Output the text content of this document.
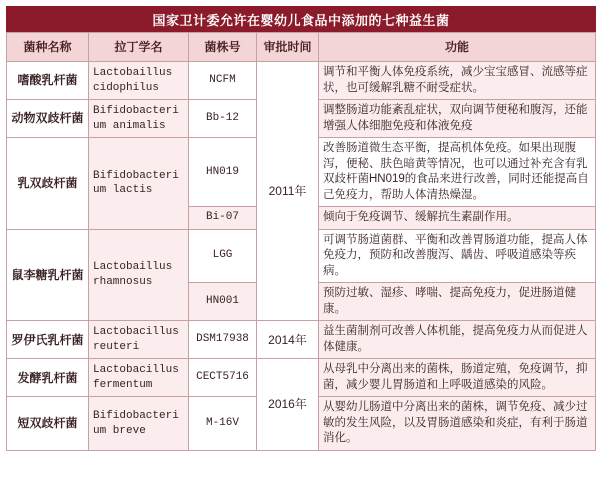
国家卫计委允许在婴幼儿食品中添加的七种益生菌
菌种名称	拉丁学名	菌株号	审批时间	功能
嗜酸乳杆菌	Lactobaillus cidophilus	NCFM	2011年	调节和平衡人体免疫系统，减少宝宝感冒、流感等症状，也可缓解乳糖不耐受症状。
动物双歧杆菌	Bifidobacterium animalis	Bb-12		调整肠道功能紊乱症状，双向调节便秘和腹泻，还能增强人体细胞免疫和体液免疫
乳双歧杆菌	Bifidobacterium lactis	HN019		改善肠道微生态平衡，提高机体免疫。如果出现腹泻，便秘、肤色暗黄等情况，也可以通过补充含有乳双歧杆菌HN019的食品来进行改善，同时还能提高自己免疫力，帮助人体清热燥湿。
		Bi-07		倾向于免疫调节、缓解抗生素副作用。
鼠李糖乳杆菌	Lactobaillus rhamnosus	LGG		可调节肠道菌群、平衡和改善胃肠道功能，提高人体免疫力，预防和改善腹泻、龋齿、呼吸道感染等疾病。
		HN001		预防过敏、湿疹、哮喘、提高免疫力，促进肠道健康。
罗伊氏乳杆菌	Lactobacillus reuteri	DSM17938	2014年	益生菌制剂可改善人体机能，提高免疫力从而促进人体健康。
发酵乳杆菌	Lactobacillus fermentum	CECT5716	2016年	从母乳中分离出来的菌株，肠道定殖，免疫调节，抑菌，减少婴儿胃肠道和上呼吸道感染的风险。
短双歧杆菌	Bifidobacterium breve	M-16V		从婴幼儿肠道中分离出来的菌株，调节免疫、减少过敏的发生风险，以及胃肠道感染和炎症，有利于肠道消化。
